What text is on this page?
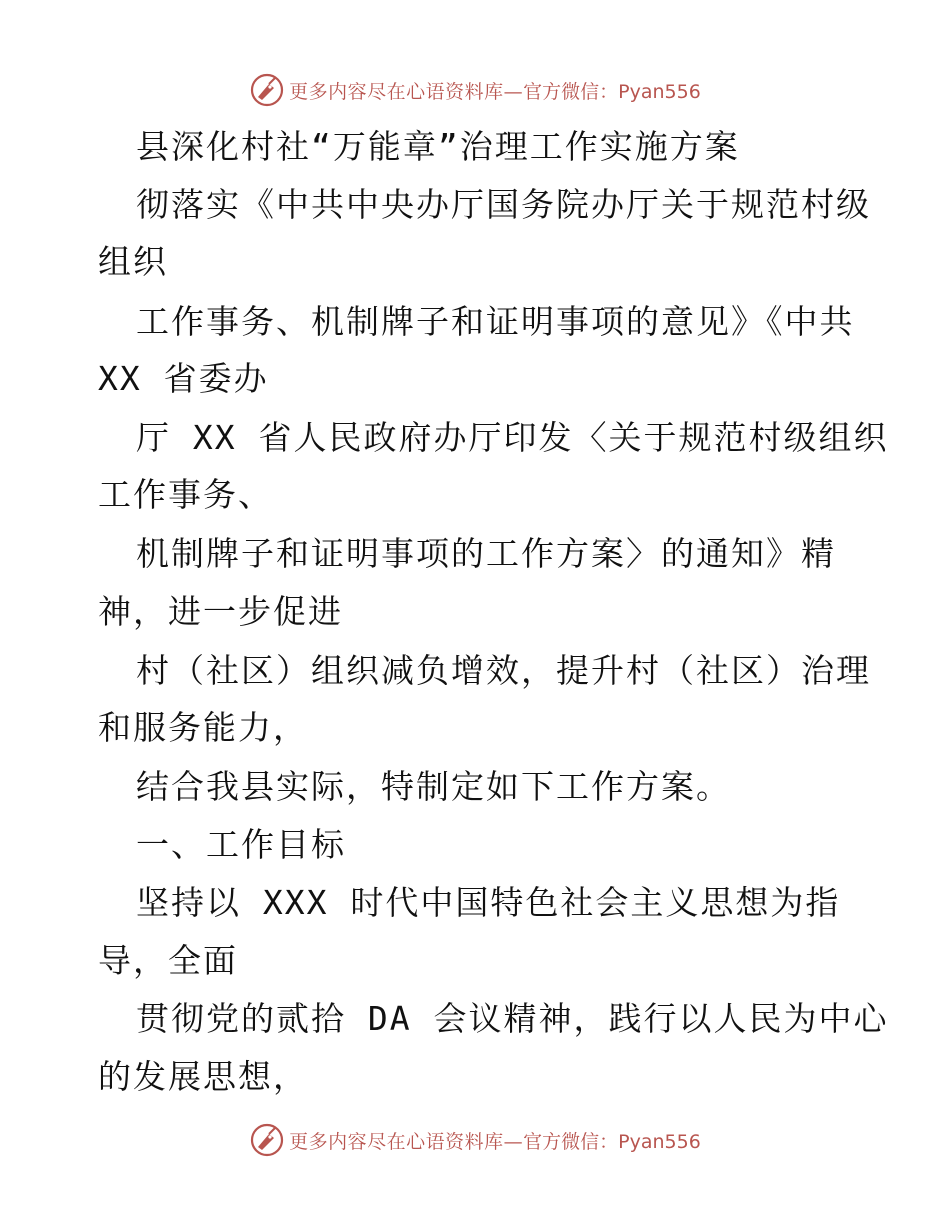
更多内容尽在心语资料库— 官方微信：Pyan556
县深化村社“万能章”治理工作实施方案
彻落实《中共中央办厅国务院办厅关于规范村级
组织
工作事务、机制牌子和证明事项的意见》《中共
XX 省委办
厅 XX 省人民政府办厅印发〈关于规范村级组织
工作事务、
机制牌子和证明事项的工作方案〉的通知》精
神，进一步促进
村（社区）组织减负增效，提升村（社区）治理
和服务能力，
结合我县实际，特制定如下工作方案。
一、工作目标
坚持以 XXX 时代中国特色社会主义思想为指
导，全面
贯彻党的贰拾 DA 会议精神，践行以人民为中心
的发展思想，
更多内容尽在心语资料库— 官方微信：Pyan556
